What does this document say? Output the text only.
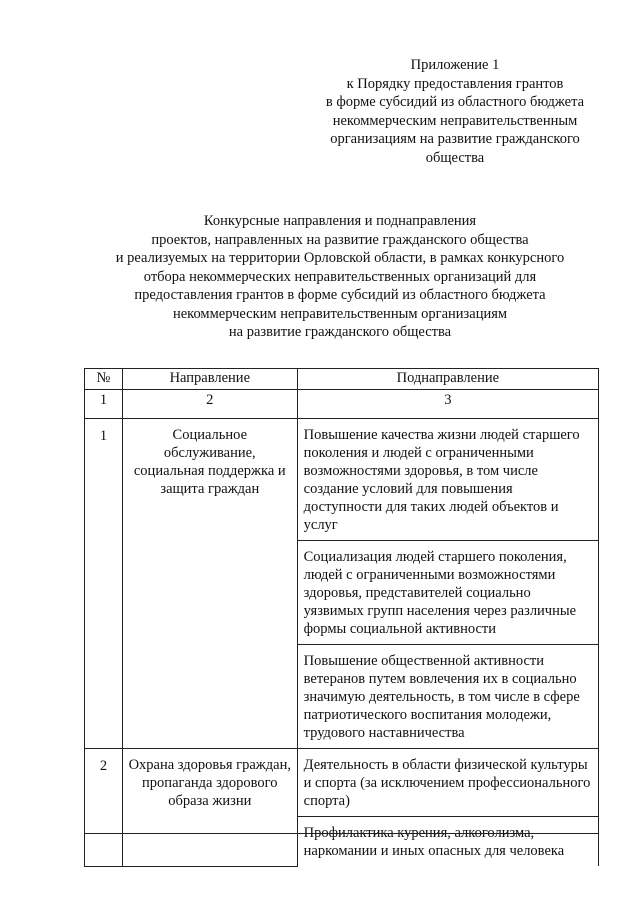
Приложение 1
к Порядку предоставления грантов
в форме субсидий из областного бюджета
некоммерческим неправительственным
организациям на развитие гражданского
общества
Конкурсные направления и поднаправления
проектов, направленных на развитие гражданского общества
и реализуемых на территории Орловской области, в рамках конкурсного
отбора некоммерческих неправительственных организаций для
предоставления грантов в форме субсидий из областного бюджета
некоммерческим неправительственным организациям
на развитие гражданского общества
№	Направление	Поднаправление
1	2	3
1	Социальное обслуживание, социальная поддержка и защита граждан	Повышение качества жизни людей старшего поколения и людей с ограниченными возможностями здоровья, в том числе создание условий для повышения доступности для таких людей объектов и услуг
		Социализация людей старшего поколения, людей с ограниченными возможностями здоровья, представителей социально уязвимых групп населения через различные формы социальной активности
		Повышение общественной активности ветеранов путем вовлечения их в социально значимую деятельность, в том числе в сфере патриотического воспитания молодежи, трудового наставничества
2	Охрана здоровья граждан, пропаганда здорового образа жизни	Деятельность в области физической культуры и спорта (за исключением профессионального спорта)
		Профилактика курения, алкоголизма, наркомании и иных опасных для человека
